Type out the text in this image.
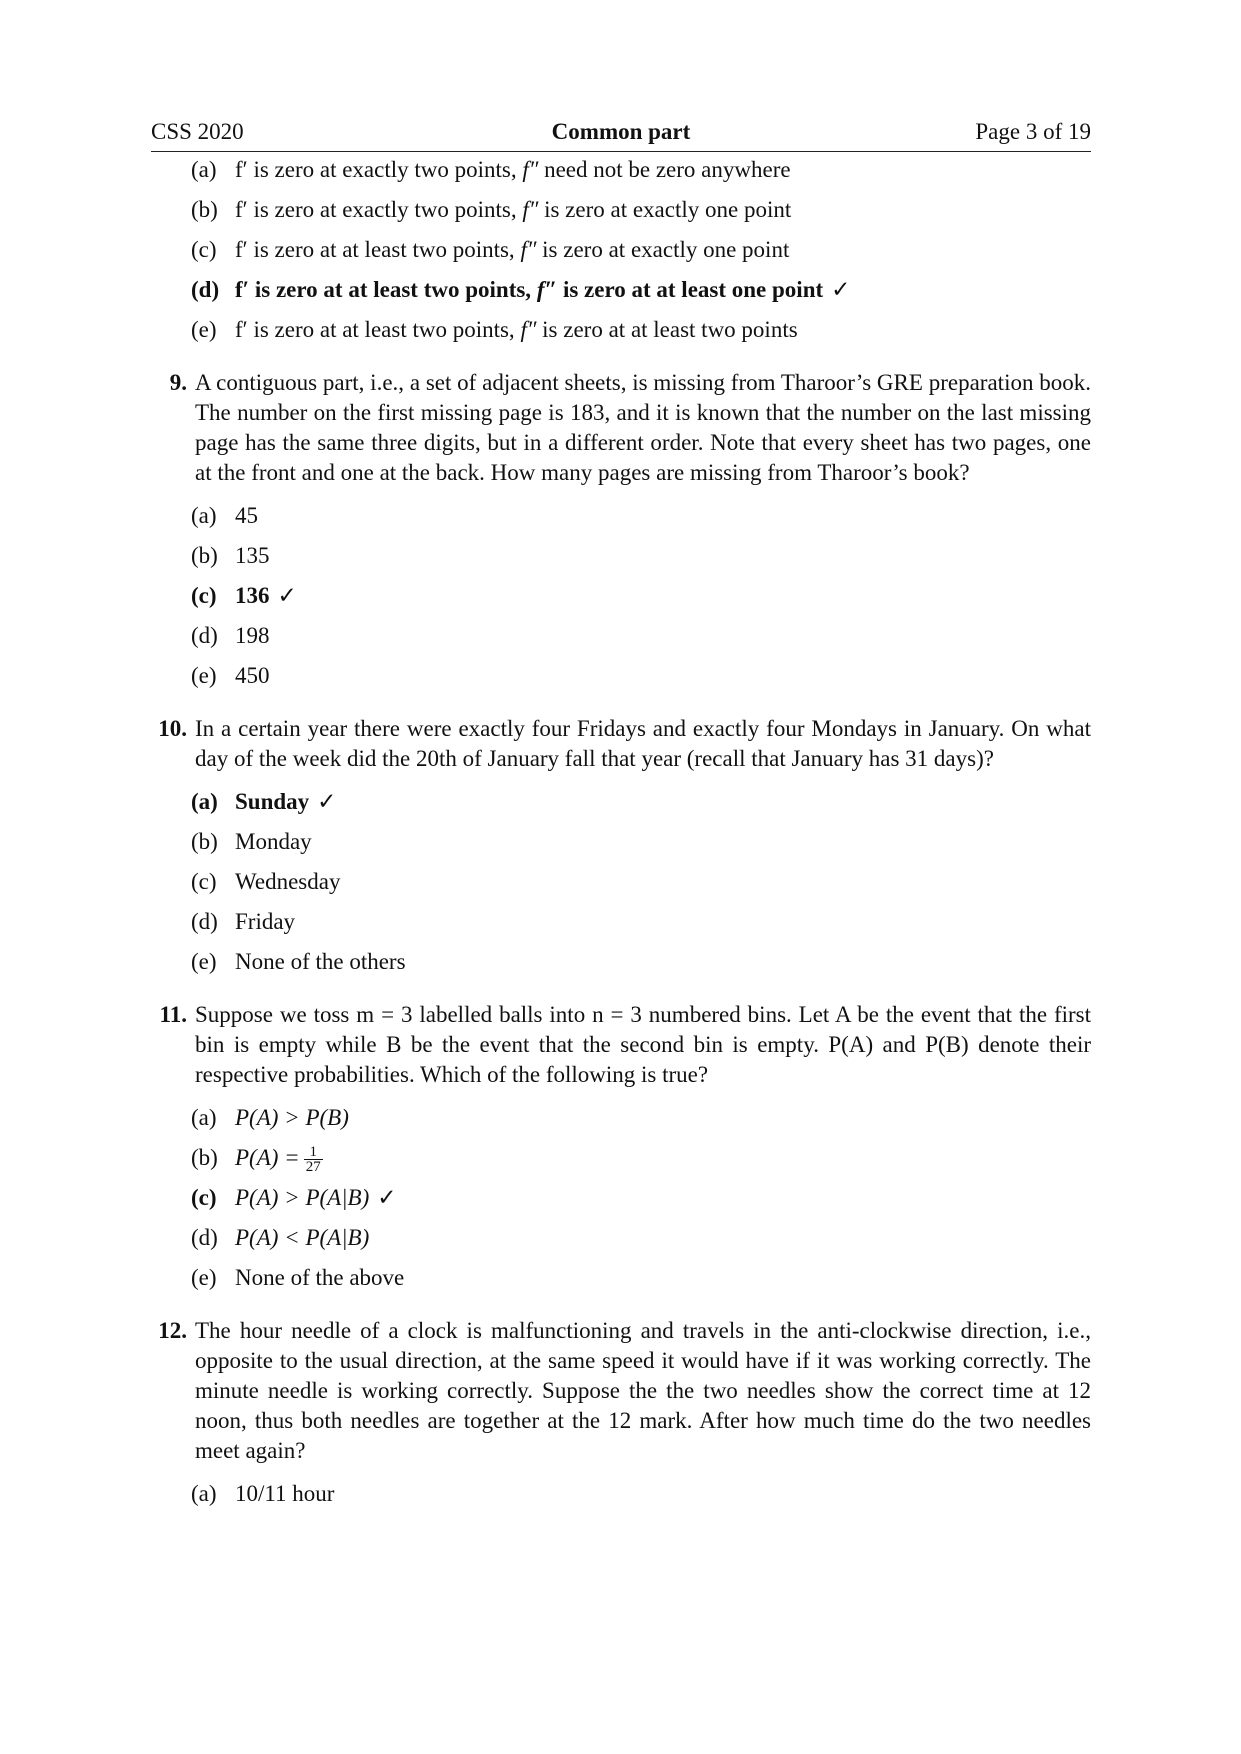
CSS 2020	Common part	Page 3 of 19
(a) f′ is zero at exactly two points, f″ need not be zero anywhere
(b) f′ is zero at exactly two points, f″ is zero at exactly one point
(c) f′ is zero at at least two points, f″ is zero at exactly one point
(d) f′ is zero at at least two points, f″ is zero at at least one point ✓
(e) f′ is zero at at least two points, f″ is zero at at least two points
9. A contiguous part, i.e., a set of adjacent sheets, is missing from Tharoor’s GRE preparation book. The number on the first missing page is 183, and it is known that the number on the last missing page has the same three digits, but in a different order. Note that every sheet has two pages, one at the front and one at the back. How many pages are missing from Tharoor’s book?
(a) 45
(b) 135
(c) 136 ✓
(d) 198
(e) 450
10. In a certain year there were exactly four Fridays and exactly four Mondays in January. On what day of the week did the 20th of January fall that year (recall that January has 31 days)?
(a) Sunday ✓
(b) Monday
(c) Wednesday
(d) Friday
(e) None of the others
11. Suppose we toss m = 3 labelled balls into n = 3 numbered bins. Let A be the event that the first bin is empty while B be the event that the second bin is empty. P(A) and P(B) denote their respective probabilities. Which of the following is true?
(a) P(A) > P(B)
(b) $P(A) = \frac{1}{27}$
(c) P(A) > P(A|B) ✓
(d) P(A) < P(A|B)
(e) None of the above
12. The hour needle of a clock is malfunctioning and travels in the anti-clockwise direction, i.e., opposite to the usual direction, at the same speed it would have if it was working correctly. The minute needle is working correctly. Suppose the the two needles show the correct time at 12 noon, thus both needles are together at the 12 mark. After how much time do the two needles meet again?
(a) 10/11 hour
